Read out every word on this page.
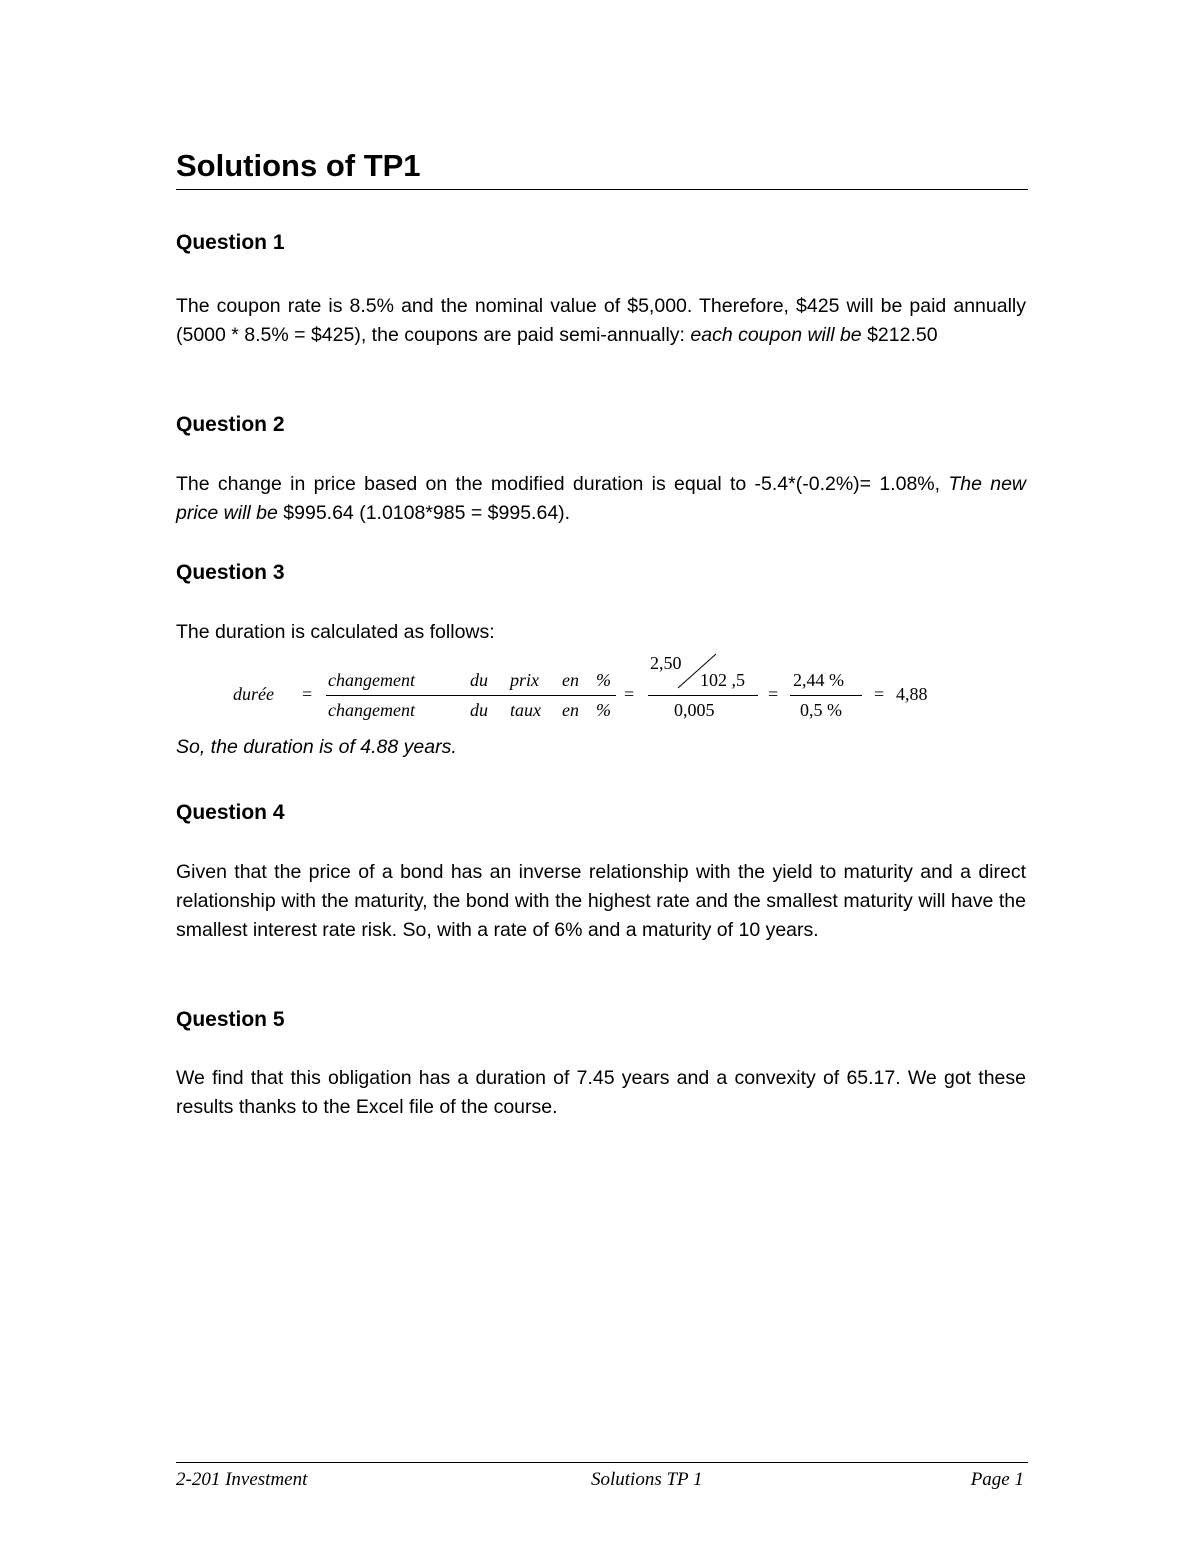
Solutions of TP1
Question 1

The coupon rate is 8.5% and the nominal value of $5,000. Therefore, $425 will be paid annually (5000 * 8.5% = $425), the coupons are paid semi-annually: each coupon will be $212.50

Question 2

The change in price based on the modified duration is equal to -5.4*(-0.2%)= 1.08%, The new price will be $995.64 (1.0108*985 = $995.64).

Question 3

The duration is calculated as follows:

durée =
changement	du prix en %
changement	du taux en %
=
2,50
102 ,5
0,005
=
2,44 %
0,5 %
= 4,88

So, the duration is of 4.88 years.

Question 4

Given that the price of a bond has an inverse relationship with the yield to maturity and a direct relationship with the maturity, the bond with the highest rate and the smallest maturity will have the smallest interest rate risk. So, with a rate of 6% and a maturity of 10 years.

Question 5

We find that this obligation has a duration of 7.45 years and a convexity of 65.17. We got these results thanks to the Excel file of the course.

2-201 Investment	Solutions TP 1	Page 1
